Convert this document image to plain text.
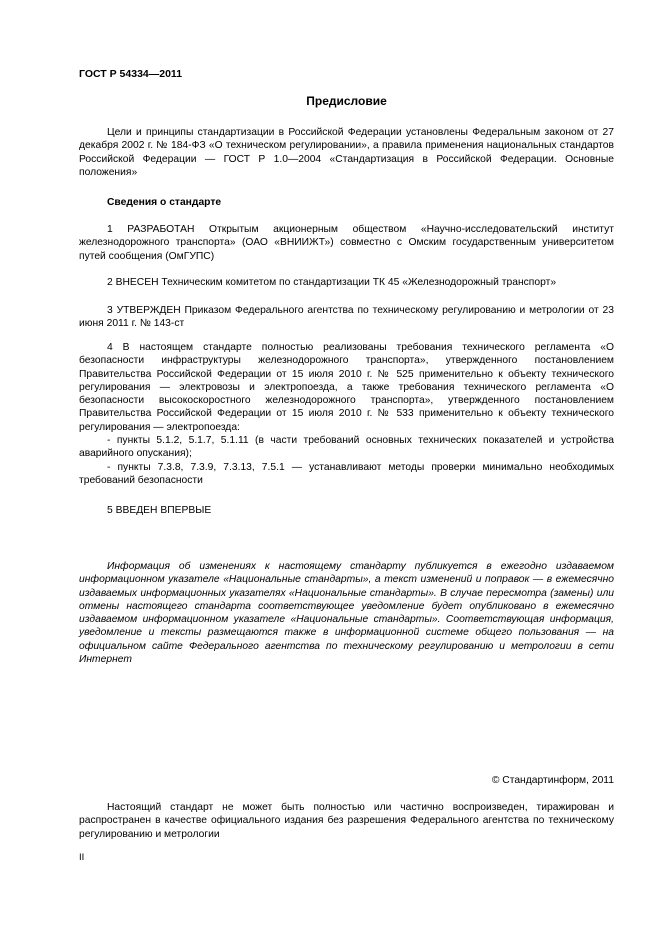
ГОСТ Р 54334—2011
Предисловие
Цели и принципы стандартизации в Российской Федерации установлены Федеральным законом от 27 декабря 2002 г. № 184-ФЗ «О техническом регулировании», а правила применения национальных стандартов Российской Федерации — ГОСТ Р 1.0—2004 «Стандартизация в Российской Федерации. Основные положения»
Сведения о стандарте
1 РАЗРАБОТАН Открытым акционерным обществом «Научно-исследовательский институт железнодорожного транспорта» (ОАО «ВНИИЖТ») совместно с Омским государственным университетом путей сообщения (ОмГУПС)
2 ВНЕСЕН Техническим комитетом по стандартизации ТК 45 «Железнодорожный транспорт»
3 УТВЕРЖДЕН Приказом Федерального агентства по техническому регулированию и метрологии от 23 июня 2011 г. № 143-ст

4 В настоящем стандарте полностью реализованы требования технического регламента «О безопасности инфраструктуры железнодорожного транспорта», утвержденного постановлением Правительства Российской Федерации от 15 июля 2010 г. № 525 применительно к объекту технического регулирования — электровозы и электропоезда, а также требования технического регламента «О безопасности высокоскоростного железнодорожного транспорта», утвержденного постановлением Правительства Российской Федерации от 15 июля 2010 г. № 533 применительно к объекту технического регулирования — электропоезда:

- пункты 5.1.2, 5.1.7, 5.1.11 (в части требований основных технических показателей и устройства аварийного опускания);

- пункты 7.3.8, 7.3.9, 7.3.13, 7.5.1 — устанавливают методы проверки минимально необходимых требований безопасности

5 ВВЕДЕН ВПЕРВЫЕ
Информация об изменениях к настоящему стандарту публикуется в ежегодно издаваемом информационном указателе «Национальные стандарты», а текст изменений и поправок — в ежемесячно издаваемых информационных указателях «Национальные стандарты». В случае пересмотра (замены) или отмены настоящего стандарта соответствующее уведомление будет опубликовано в ежемесячно издаваемом информационном указателе «Национальные стандарты». Соответствующая информация, уведомление и тексты размещаются также в информационной системе общего пользования — на официальном сайте Федерального агентства по техническому регулированию и метрологии в сети Интернет
© Стандартинформ, 2011
Настоящий стандарт не может быть полностью или частично воспроизведен, тиражирован и распространен в качестве официального издания без разрешения Федерального агентства по техническому регулированию и метрологии
II
